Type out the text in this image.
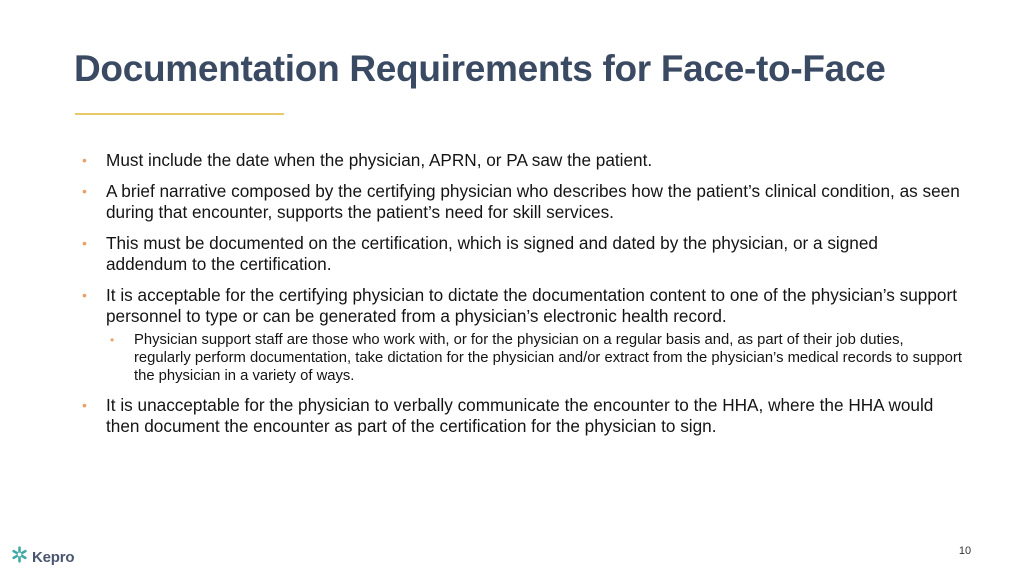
Documentation Requirements for Face-to-Face
• Must include the date when the physician, APRN, or PA saw the patient.
• A brief narrative composed by the certifying physician who describes how the patient’s clinical condition, as seen during that encounter, supports the patient’s need for skill services.
• This must be documented on the certification, which is signed and dated by the physician, or a signed addendum to the certification.
• It is acceptable for the certifying physician to dictate the documentation content to one of the physician’s support personnel to type or can be generated from a physician’s electronic health record.
• Physician support staff are those who work with, or for the physician on a regular basis and, as part of their job duties, regularly perform documentation, take dictation for the physician and/or extract from the physician’s medical records to support the physician in a variety of ways.
• It is unacceptable for the physician to verbally communicate the encounter to the HHA, where the HHA would then document the encounter as part of the certification for the physician to sign.
Kepro	10
